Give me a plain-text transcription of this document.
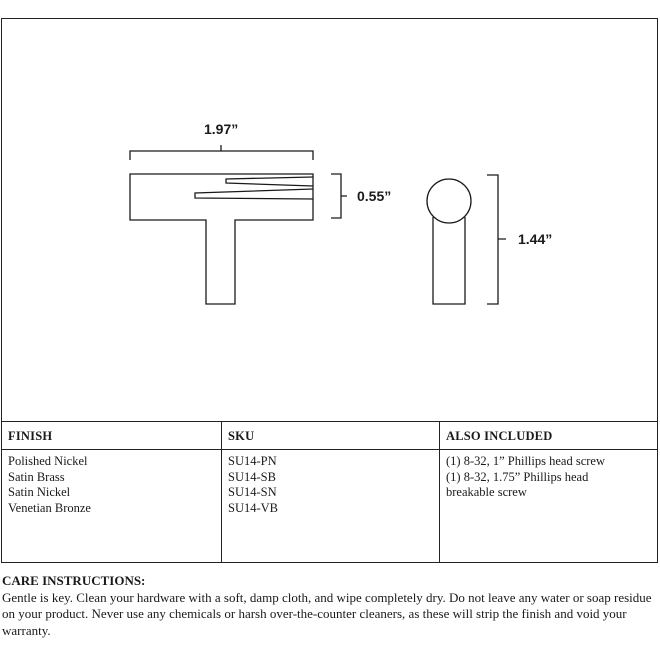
1.97”
0.55”
1.44”
FINISH
Polished Nickel
Satin Brass
Satin Nickel
Venetian Bronze
SKU
SU14-PN
SU14-SB
SU14-SN
SU14-VB
ALSO INCLUDED
(1) 8-32, 1” Phillips head screw
(1) 8-32, 1.75” Phillips head
breakable screw
CARE INSTRUCTIONS:
Gentle is key. Clean your hardware with a soft, damp cloth, and wipe completely dry. Do not leave any water or soap residue on your product. Never use any chemicals or harsh over-the-counter cleaners, as these will strip the finish and void your warranty.
